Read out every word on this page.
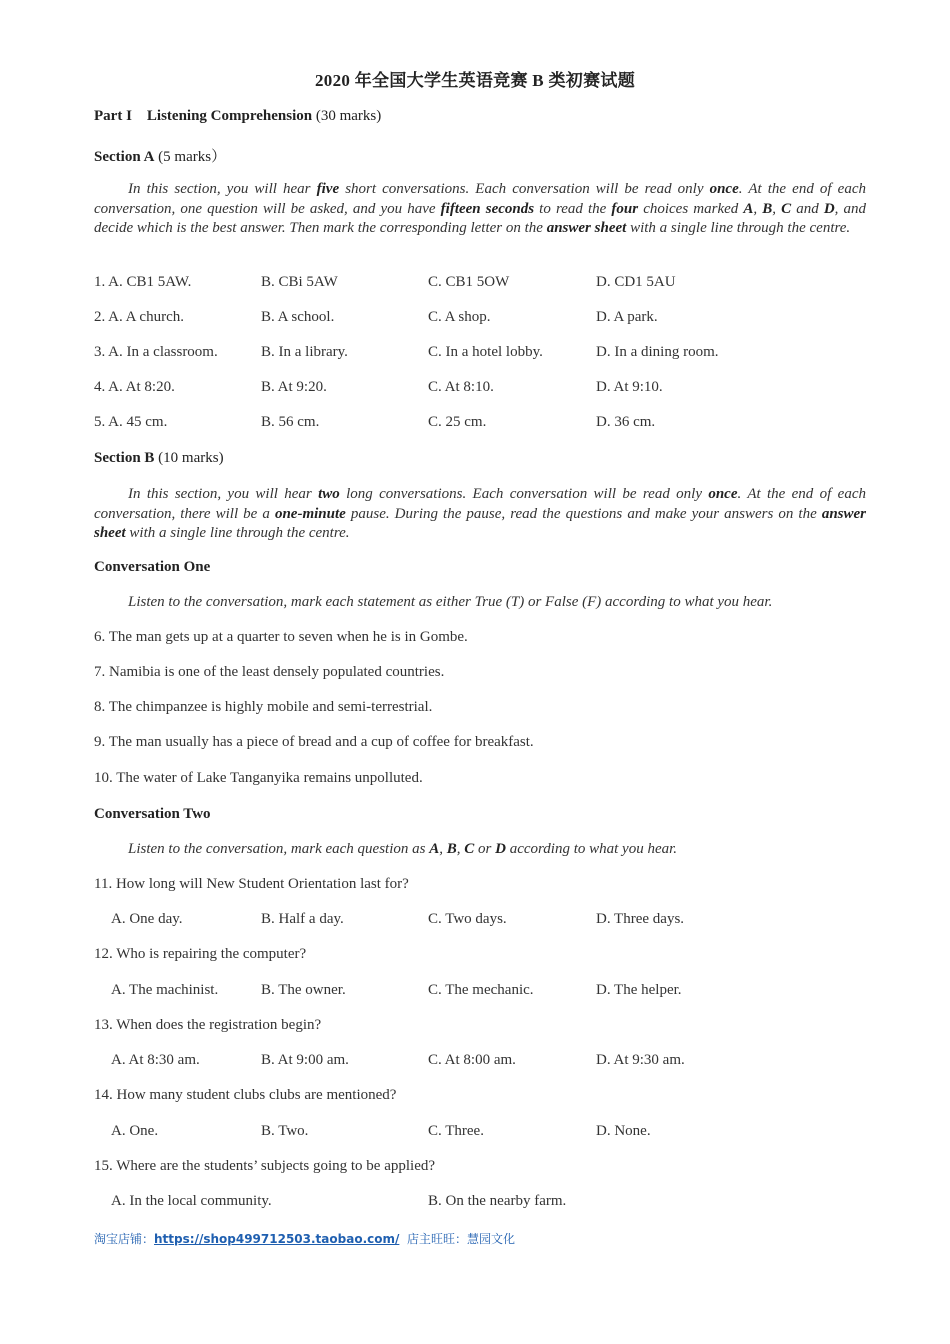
2020 年全国大学生英语竞赛 B 类初赛试题
Part I Listening Comprehension (30 marks)
Section A (5 marks）
In this section, you will hear five short conversations. Each conversation will be read only once. At the end of each conversation, one question will be asked, and you have fifteen seconds to read the four choices marked A, B, C and D, and decide which is the best answer. Then mark the corresponding letter on the answer sheet with a single line through the centre.
1. A. CB1 5AW.	B. CBi 5AW	C. CB1 5OW	D. CD1 5AU
2. A. A church.	B. A school.	C. A shop.	D. A park.
3. A. In a classroom.	B. In a library.	C. In a hotel lobby.	D. In a dining room.
4. A. At 8:20.	B. At 9:20.	C. At 8:10.	D. At 9:10.
5. A. 45 cm.	B. 56 cm.	C. 25 cm.	D. 36 cm.
Section B (10 marks)
In this section, you will hear two long conversations. Each conversation will be read only once. At the end of each conversation, there will be a one-minute pause. During the pause, read the questions and make your answers on the answer sheet with a single line through the centre.
Conversation One
Listen to the conversation, mark each statement as either True (T) or False (F) according to what you hear.
6. The man gets up at a quarter to seven when he is in Gombe.
7. Namibia is one of the least densely populated countries.
8. The chimpanzee is highly mobile and semi-terrestrial.
9. The man usually has a piece of bread and a cup of coffee for breakfast.
10. The water of Lake Tanganyika remains unpolluted.
Conversation Two
Listen to the conversation, mark each question as A, B, C or D according to what you hear.
11. How long will New Student Orientation last for?
A. One day.	B. Half a day.	C. Two days.	D. Three days.
12. Who is repairing the computer?
A. The machinist.	B. The owner.	C. The mechanic.	D. The helper.
13. When does the registration begin?
A. At 8:30 am.	B. At 9:00 am.	C. At 8:00 am.	D. At 9:30 am.
14. How many student clubs clubs are mentioned?
A. One.	B. Two.	C. Three.	D. None.
15. Where are the students’ subjects going to be applied?
A. In the local community.	B. On the nearby farm.
淘宝店铺：https://shop499712503.taobao.com/ 店主旺旺：慧园文化
